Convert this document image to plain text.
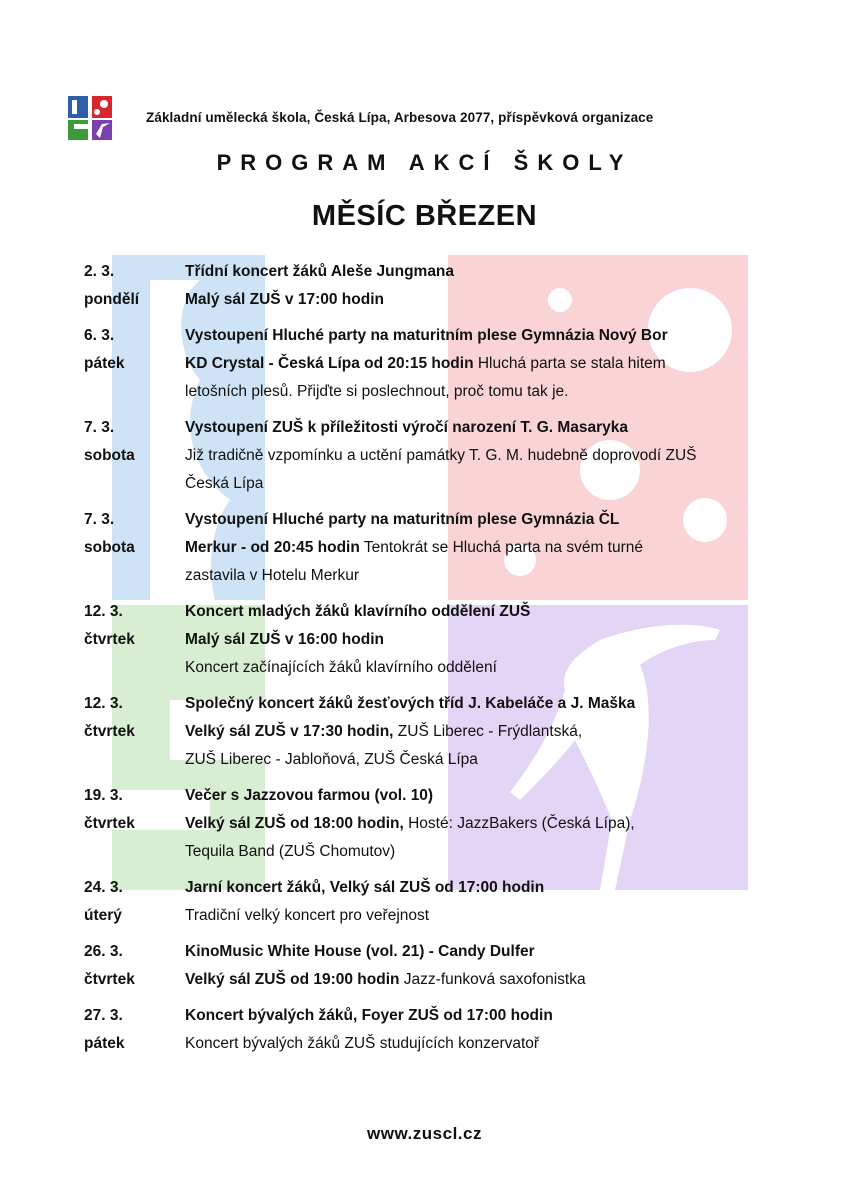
Základní umělecká škola, Česká Lípa, Arbesova 2077, příspěvková organizace
PROGRAM AKCÍ ŠKOLY
MĚSÍC BŘEZEN
2. 3.
pondělí
Třídní koncert žáků Aleše Jungmana
Malý sál ZUŠ v 17:00 hodin
6. 3.
pátek
Vystoupení Hluché party na maturitním plese Gymnázia Nový Bor
KD Crystal - Česká Lípa od 20:15 hodin Hluchá parta se stala hitem
letošních plesů. Přijďte si poslechnout, proč tomu tak je.
7. 3.
sobota
Vystoupení ZUŠ k příležitosti výročí narození T. G. Masaryka
Již tradičně vzpomínku a uctění památky T. G. M. hudebně doprovodí ZUŠ
Česká Lípa
7. 3.
sobota
Vystoupení Hluché party na maturitním plese Gymnázia ČL
Merkur - od 20:45 hodin Tentokrát se Hluchá parta na svém turné
zastavila v Hotelu Merkur
12. 3.
čtvrtek
Koncert mladých žáků klavírního oddělení ZUŠ
Malý sál ZUŠ v 16:00 hodin
Koncert začínajících žáků klavírního oddělení
12. 3.
čtvrtek
Společný koncert žáků žesťových tříd J. Kabeláče a J. Maška
Velký sál ZUŠ v 17:30 hodin, ZUŠ Liberec - Frýdlantská,
ZUŠ Liberec - Jabloňová, ZUŠ Česká Lípa
19. 3.
čtvrtek
Večer s Jazzovou farmou (vol. 10)
Velký sál ZUŠ od 18:00 hodin, Hosté: JazzBakers (Česká Lípa),
Tequila Band (ZUŠ Chomutov)
24. 3.
úterý
Jarní koncert žáků, Velký sál ZUŠ od 17:00 hodin
Tradiční velký koncert pro veřejnost
26. 3.
čtvrtek
KinoMusic White House (vol. 21) - Candy Dulfer
Velký sál ZUŠ od 19:00 hodin Jazz-funková saxofonistka
27. 3.
pátek
Koncert bývalých žáků, Foyer ZUŠ od 17:00 hodin
Koncert bývalých žáků ZUŠ studujících konzervatoř
www.zuscl.cz
